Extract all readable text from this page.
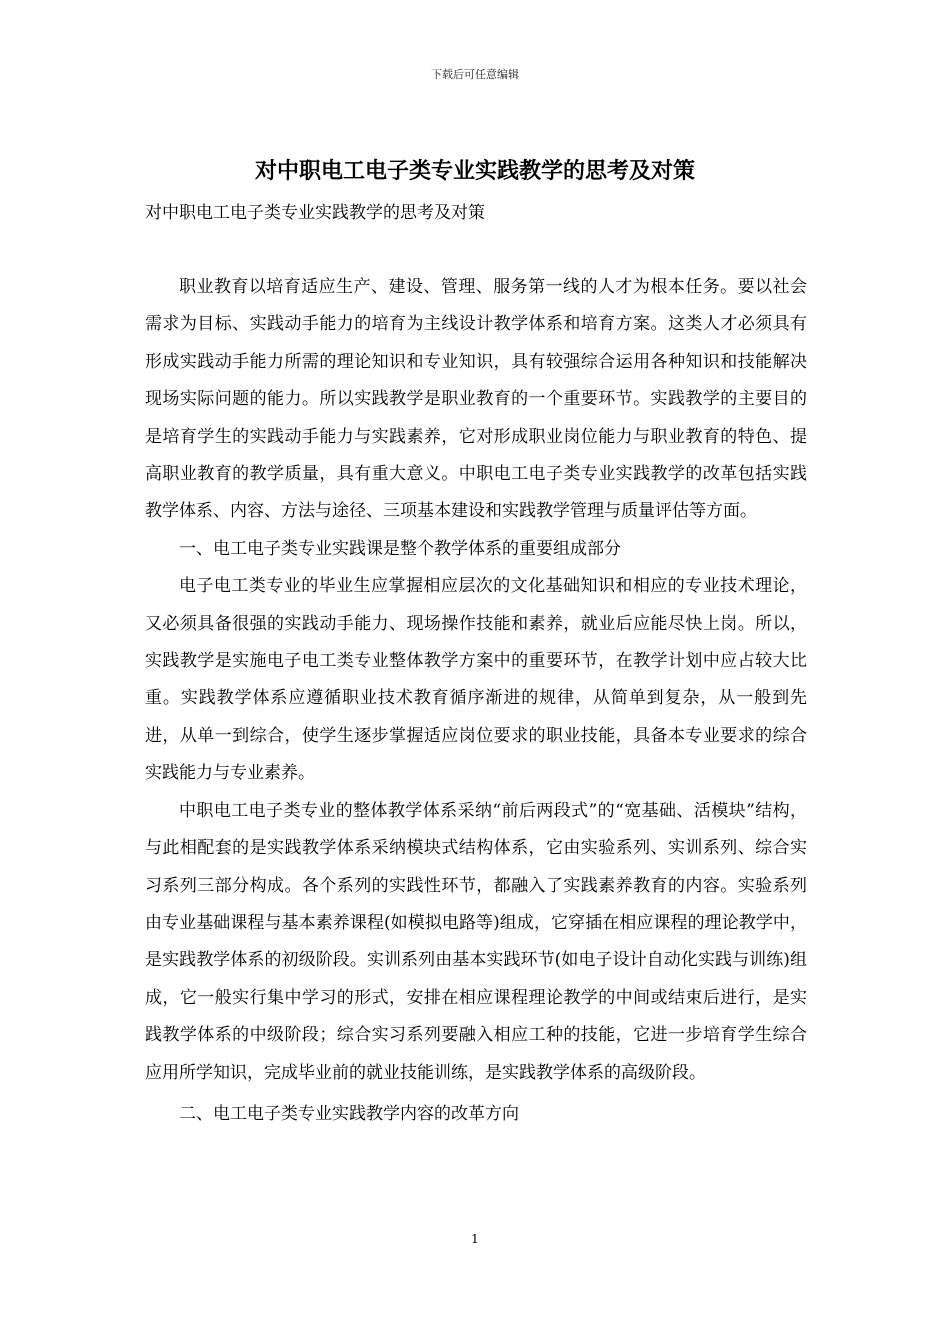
下载后可任意编辑
对中职电工电子类专业实践教学的思考及对策
对中职电工电子类专业实践教学的思考及对策

职业教育以培育适应生产、建设、管理、服务第一线的人才为根本任务。要以社会需求为目标、实践动手能力的培育为主线设计教学体系和培育方案。这类人才必须具有形成实践动手能力所需的理论知识和专业知识，具有较强综合运用各种知识和技能解决现场实际问题的能力。所以实践教学是职业教育的一个重要环节。实践教学的主要目的是培育学生的实践动手能力与实践素养，它对形成职业岗位能力与职业教育的特色、提高职业教育的教学质量，具有重大意义。中职电工电子类专业实践教学的改革包括实践教学体系、内容、方法与途径、三项基本建设和实践教学管理与质量评估等方面。

一、电工电子类专业实践课是整个教学体系的重要组成部分

电子电工类专业的毕业生应掌握相应层次的文化基础知识和相应的专业技术理论，又必须具备很强的实践动手能力、现场操作技能和素养，就业后应能尽快上岗。所以，实践教学是实施电子电工类专业整体教学方案中的重要环节，在教学计划中应占较大比重。实践教学体系应遵循职业技术教育循序渐进的规律，从简单到复杂，从一般到先进，从单一到综合，使学生逐步掌握适应岗位要求的职业技能，具备本专业要求的综合实践能力与专业素养。

中职电工电子类专业的整体教学体系采纳“前后两段式”的“宽基础、活模块”结构，与此相配套的是实践教学体系采纳模块式结构体系，它由实验系列、实训系列、综合实习系列三部分构成。各个系列的实践性环节，都融入了实践素养教育的内容。实验系列由专业基础课程与基本素养课程(如模拟电路等)组成，它穿插在相应课程的理论教学中，是实践教学体系的初级阶段。实训系列由基本实践环节(如电子设计自动化实践与训练)组成，它一般实行集中学习的形式，安排在相应课程理论教学的中间或结束后进行，是实践教学体系的中级阶段；综合实习系列要融入相应工种的技能，它进一步培育学生综合应用所学知识，完成毕业前的就业技能训练，是实践教学体系的高级阶段。

二、电工电子类专业实践教学内容的改革方向

1
